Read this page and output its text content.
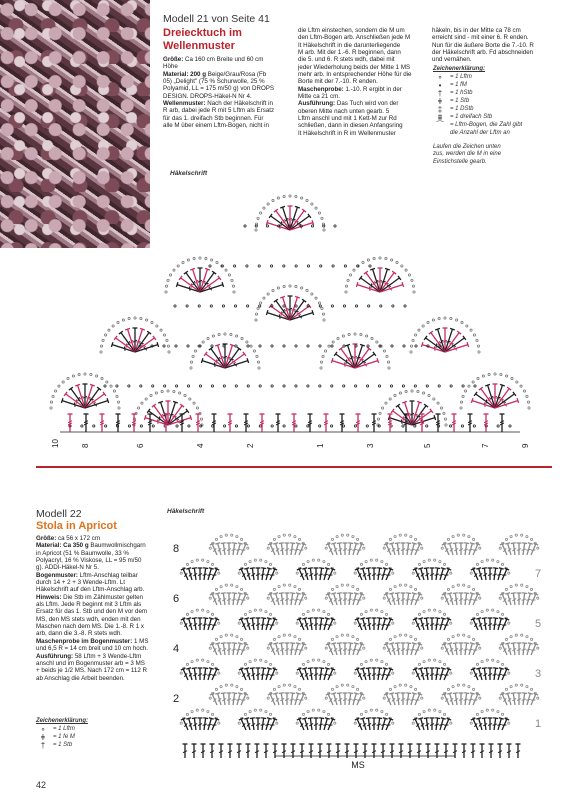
Modell 21 von Seite 41
Dreiecktuch im
Wellenmuster
Größe: Ca 160 cm Breite und 60 cm
Höhe
Material: 200 g Beige/Grau/Rosa (Fb
05) „Delight" (75 % Schurwolle, 25 %
Polyamid, LL = 175 m/50 g) von DROPS
DESIGN. DROPS-Häkel-N Nr 4.
Wellenmuster: Nach der Häkelschrift in
R arb, dabei jede R mit 5 Lftm als Ersatz
für das 1. dreifach Stb beginnen. Für
alle M über einem Lftm-Bogen, nicht in
die Lftm einstechen, sondern die M um
den Lftm-Bogen arb. Anschließen jede M
It Häkelschrift in die darunterliegende
M arb. Mit der 1.-6. R beginnen, dann
die 5. und 6. R stets wdh, dabei mit
jeder Wiederholung beids der Mitte 1 MS
mehr arb. In entsprechender Höhe für die
Borte mit der 7.-10. R enden.
Maschenprobe: 1.-10. R ergibt in der
Mitte ca 21 cm.
Ausführung: Das Tuch wird von der
oberen Mitte nach unten gearb. 5
Lftm anschl und mit 1 Kett-M zur Rd
schließen, dann in diesen Anfangsring
It Häkelschrift in R im Wellenmuster
häkeln, bis in der Mitte ca 78 cm
erreicht sind - mit einer 6. R enden.
Nun für die äußere Borte die 7.-10. R
der Häkelschrift arb. Fd abschneiden
und vernähen.
Häkelschrift
Zeichenerklärung:
∘	= 1 Lftm
•	= 1 fM
†	= 1 hStb
ǂ	= 1 Stb
‡	= 1 DStb
⩩	= 1 dreifach Stb
⁀	= Lftm-Bogen, die Zahl gibt
die Anzahl der Lftm an
Laufen die Zeichen unten
zus, werden die M in eine
Einstichstelle gearb.
10	8	6	4	2	1	3	5	7	9
Modell 22
Stola in Apricot
Größe: ca 56 x 172 cm
Material: Ca 350 g Baumwollmischgarn
in Apricot (51 % Baumwolle, 33 %
Polyacryl, 16 % Viskose, LL = 95 m/50
g). ADDI-Häkel-N Nr 5.
Bogenmuster: Lftm-Anschlag teilbar
durch 14 + 2 + 3 Wende-Lftm. Lt
Häkelschrift auf den Lftm-Anschlag arb.
Hinweis: Die Stb im Zählmuster gelten
als Lftm. Jede R beginnt mit 3 Lftm als
Ersatz für das 1. Stb und den M vor dem
MS, den MS stets wdh, enden mit den
Maschen nach dem MS. Die 1.-8. R 1 x
arb, dann die 3.-8. R stets wdh.
Maschenprobe im Bogenmuster: 1 MS
und 6,5 R = 14 cm breit und 10 cm hoch.
Ausführung: 58 Lftm + 3 Wende-Lftm
anschl und im Bogenmuster arb = 3 MS
+ beids je 1/2 MS. Nach 172 cm = 112 R
ab Anschlag die Arbeit beenden.
Zeichenerklärung:
∘	= 1 Lftm
ǂ	= 1 fe M
†	= 1 Stb
Häkelschrift
8
6
4
2
7
5
3
1
MS
42
